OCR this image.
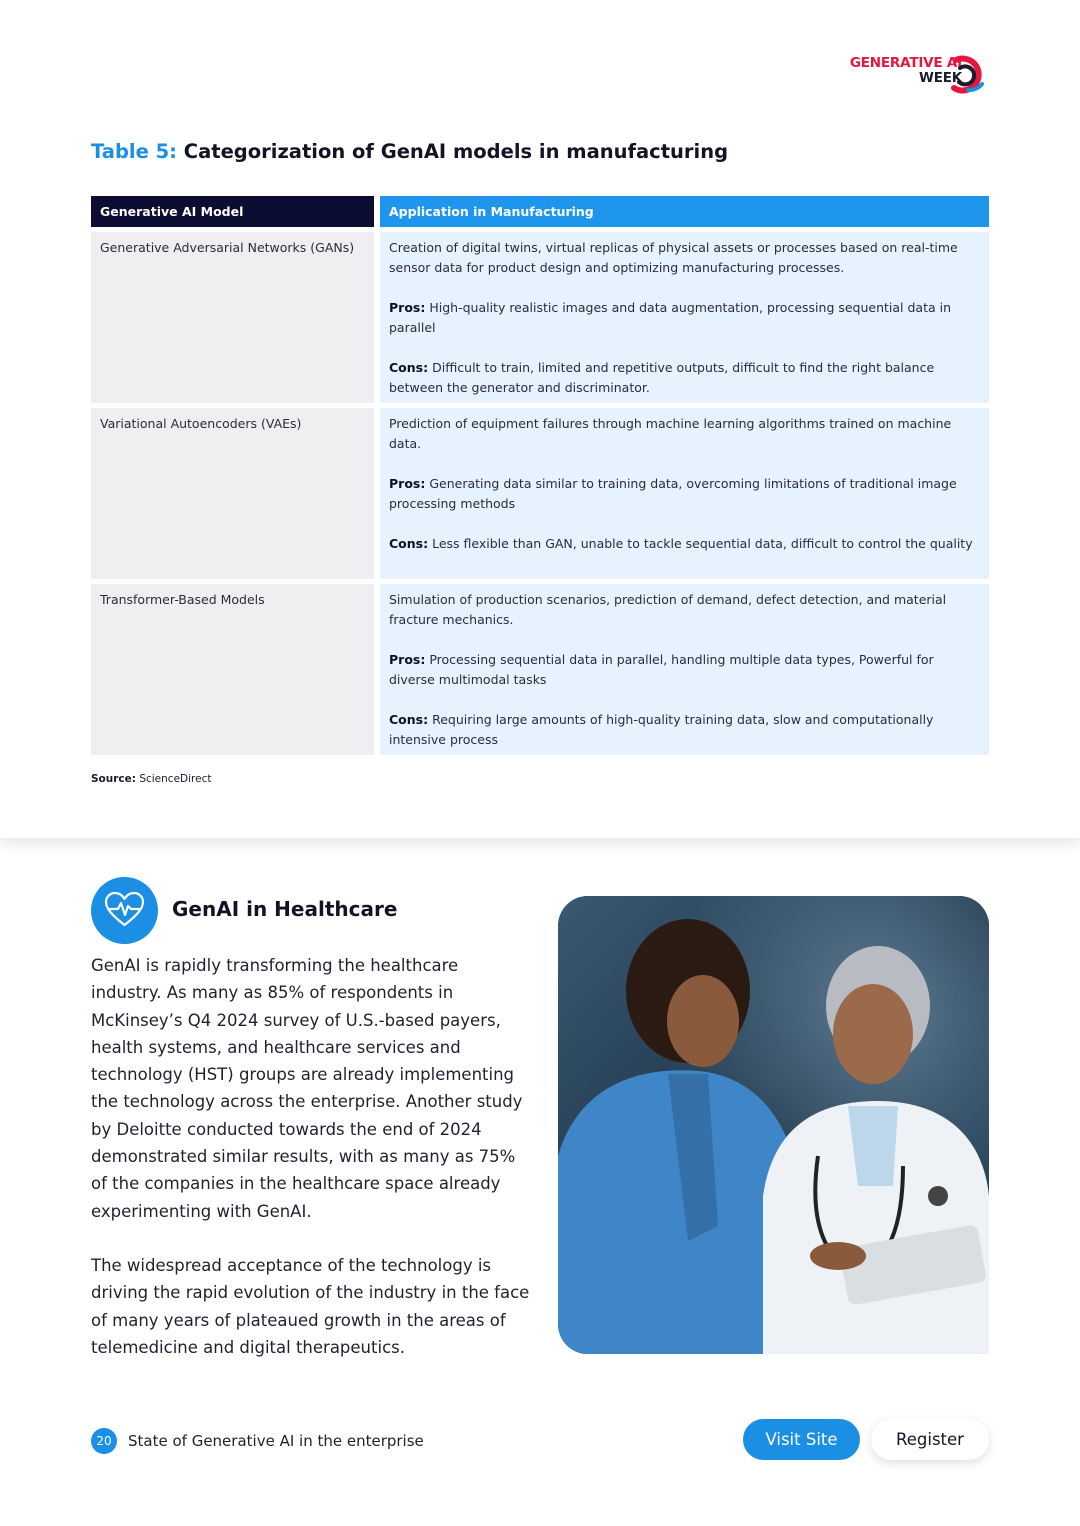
GENERATIVE AI
WEEK
Table 5: Categorization of GenAI models in manufacturing
Generative AI Model	Application in Manufacturing
Generative Adversarial Networks (GANs)	Creation of digital twins, virtual replicas of physical assets or processes based on real-time sensor data for product design and optimizing manufacturing processes.

Pros: High-quality realistic images and data augmentation, processing sequential data in parallel

Cons: Difficult to train, limited and repetitive outputs, difficult to find the right balance between the generator and discriminator.

Variational Autoencoders (VAEs)	Prediction of equipment failures through machine learning algorithms trained on machine data.

Pros: Generating data similar to training data, overcoming limitations of traditional image processing methods

Cons: Less flexible than GAN, unable to tackle sequential data, difficult to control the quality

Transformer-Based Models	Simulation of production scenarios, prediction of demand, defect detection, and material fracture mechanics.

Pros: Processing sequential data in parallel, handling multiple data types, Powerful for diverse multimodal tasks

Cons: Requiring large amounts of high-quality training data, slow and computationally intensive process

Source: ScienceDirect
GenAI in Healthcare

GenAI is rapidly transforming the healthcare industry. As many as 85% of respondents in McKinsey’s Q4 2024 survey of U.S.-based payers, health systems, and healthcare services and technology (HST) groups are already implementing the technology across the enterprise. Another study by Deloitte conducted towards the end of 2024 demonstrated similar results, with as many as 75% of the companies in the healthcare space already experimenting with GenAI.

The widespread acceptance of the technology is driving the rapid evolution of the industry in the face of many years of plateaued growth in the areas of telemedicine and digital therapeutics.

20	State of Generative AI in the enterprise	Visit Site	Register
